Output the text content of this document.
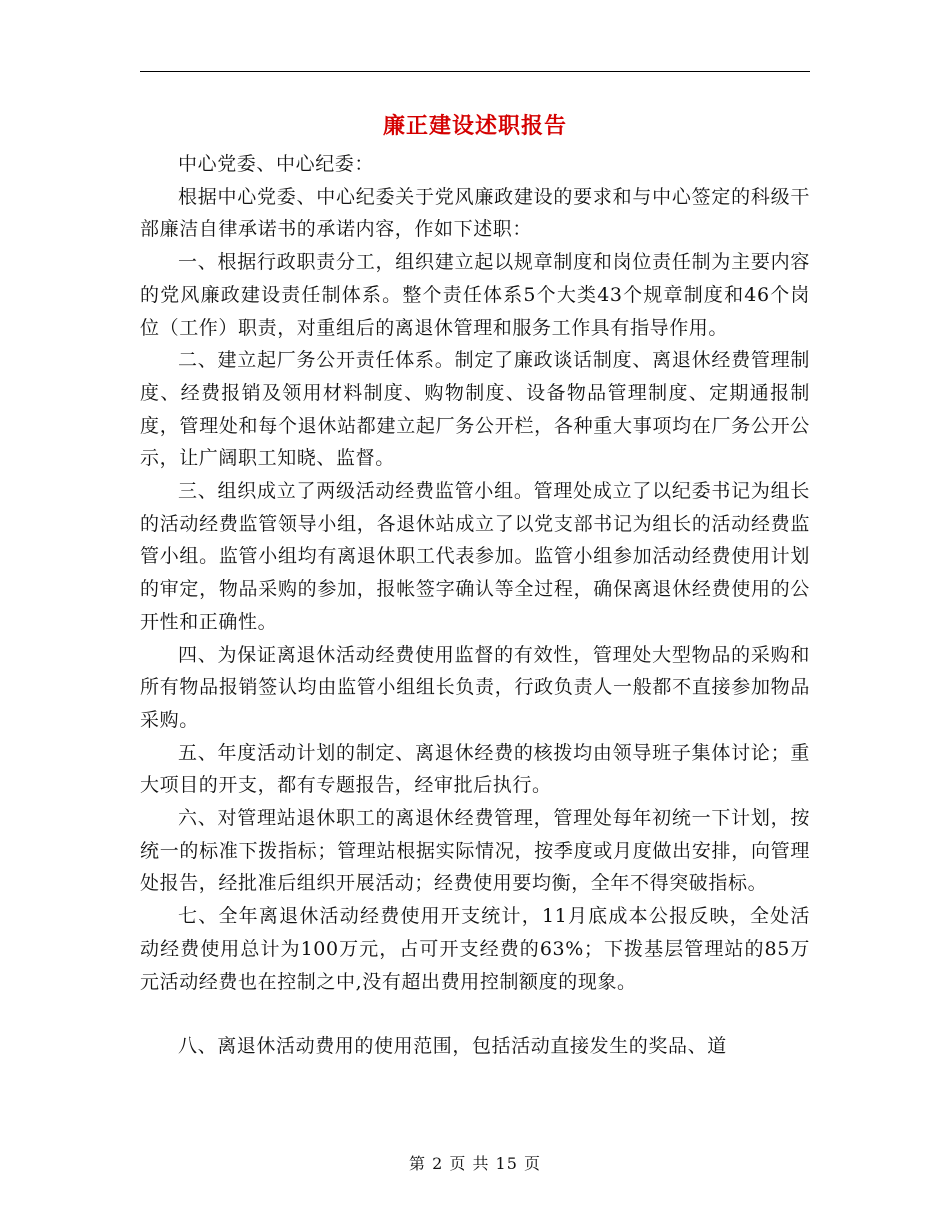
廉正建设述职报告

中心党委、中心纪委：

根据中心党委、中心纪委关于党风廉政建设的要求和与中心签定的科级干部廉洁自律承诺书的承诺内容，作如下述职：

一、根据行政职责分工，组织建立起以规章制度和岗位责任制为主要内容的党风廉政建设责任制体系。整个责任体系5个大类43个规章制度和46个岗位（工作）职责，对重组后的离退休管理和服务工作具有指导作用。

二、建立起厂务公开责任体系。制定了廉政谈话制度、离退休经费管理制度、经费报销及领用材料制度、购物制度、设备物品管理制度、定期通报制度，管理处和每个退休站都建立起厂务公开栏，各种重大事项均在厂务公开公示，让广阔职工知晓、监督。

三、组织成立了两级活动经费监管小组。管理处成立了以纪委书记为组长的活动经费监管领导小组，各退休站成立了以党支部书记为组长的活动经费监管小组。监管小组均有离退休职工代表参加。监管小组参加活动经费使用计划的审定，物品采购的参加，报帐签字确认等全过程，确保离退休经费使用的公开性和正确性。

四、为保证离退休活动经费使用监督的有效性，管理处大型物品的采购和所有物品报销签认均由监管小组组长负责，行政负责人一般都不直接参加物品采购。

五、年度活动计划的制定、离退休经费的核拨均由领导班子集体讨论；重大项目的开支，都有专题报告，经审批后执行。

六、对管理站退休职工的离退休经费管理，管理处每年初统一下计划，按统一的标准下拨指标；管理站根据实际情况，按季度或月度做出安排，向管理处报告，经批准后组织开展活动；经费使用要均衡，全年不得突破指标。

七、全年离退休活动经费使用开支统计，11月底成本公报反映，全处活动经费使用总计为100万元，占可开支经费的63%；下拨基层管理站的85万元活动经费也在控制之中,没有超出费用控制额度的现象。

八、离退休活动费用的使用范围，包括活动直接发生的奖品、道

第 2 页 共 15 页
